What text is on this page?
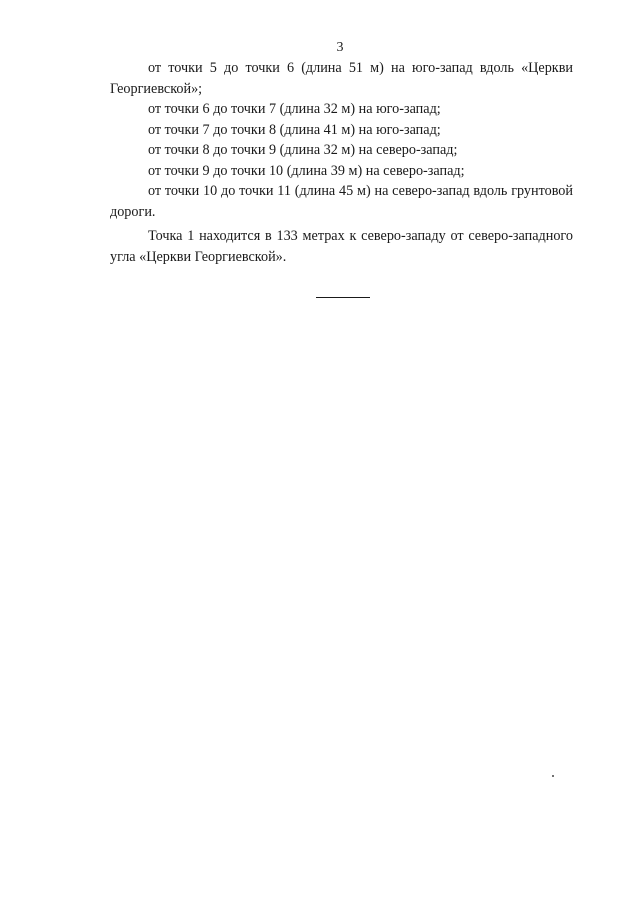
3

от точки 5 до точки 6 (длина 51 м) на юго-запад вдоль «Церкви Георгиевской»;

от точки 6 до точки 7 (длина 32 м) на юго-запад;

от точки 7 до точки 8 (длина 41 м) на юго-запад;

от точки 8 до точки 9 (длина 32 м) на северо-запад;

от точки 9 до точки 10 (длина 39 м) на северо-запад;

от точки 10 до точки 11 (длина 45 м) на северо-запад вдоль грунтовой дороги.

Точка 1 находится в 133 метрах к северо-западу от северо-западного угла «Церкви Георгиевской».
